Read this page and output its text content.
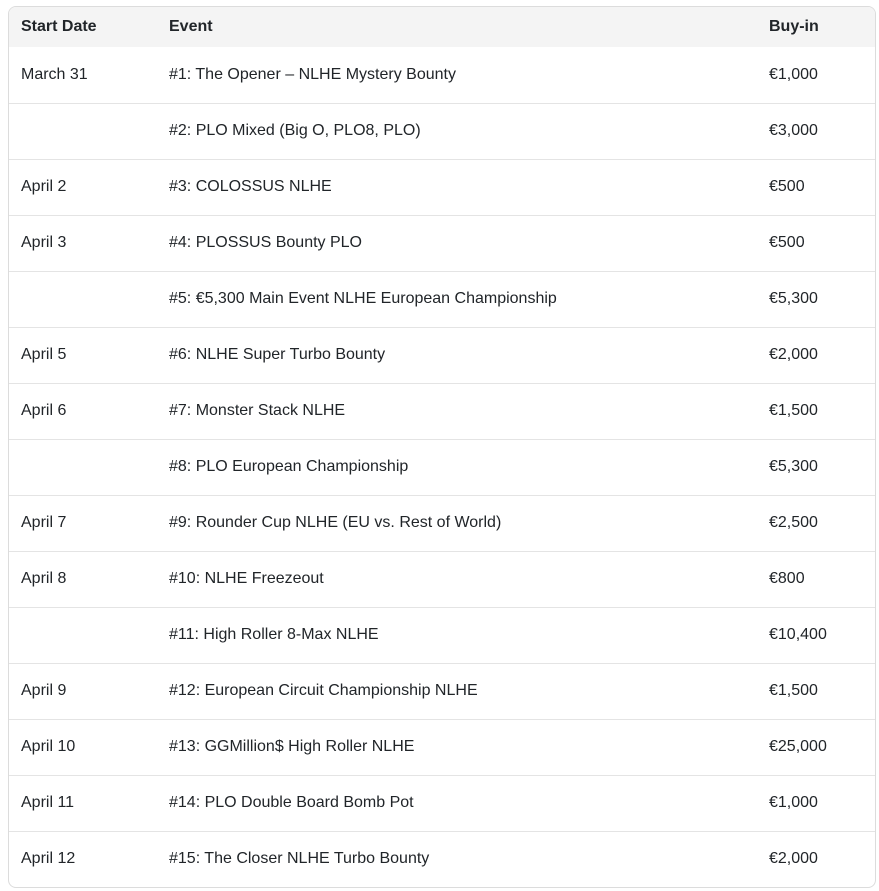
Start Date	Event	Buy-in
March 31	#1: The Opener – NLHE Mystery Bounty	€1,000
	#2: PLO Mixed (Big O, PLO8, PLO)	€3,000
April 2	#3: COLOSSUS NLHE	€500
April 3	#4: PLOSSUS Bounty PLO	€500
	#5: €5,300 Main Event NLHE European Championship	€5,300
April 5	#6: NLHE Super Turbo Bounty	€2,000
April 6	#7: Monster Stack NLHE	€1,500
	#8: PLO European Championship	€5,300
April 7	#9: Rounder Cup NLHE (EU vs. Rest of World)	€2,500
April 8	#10: NLHE Freezeout	€800
	#11: High Roller 8-Max NLHE	€10,400
April 9	#12: European Circuit Championship NLHE	€1,500
April 10	#13: GGMillion$ High Roller NLHE	€25,000
April 11	#14: PLO Double Board Bomb Pot	€1,000
April 12	#15: The Closer NLHE Turbo Bounty	€2,000
